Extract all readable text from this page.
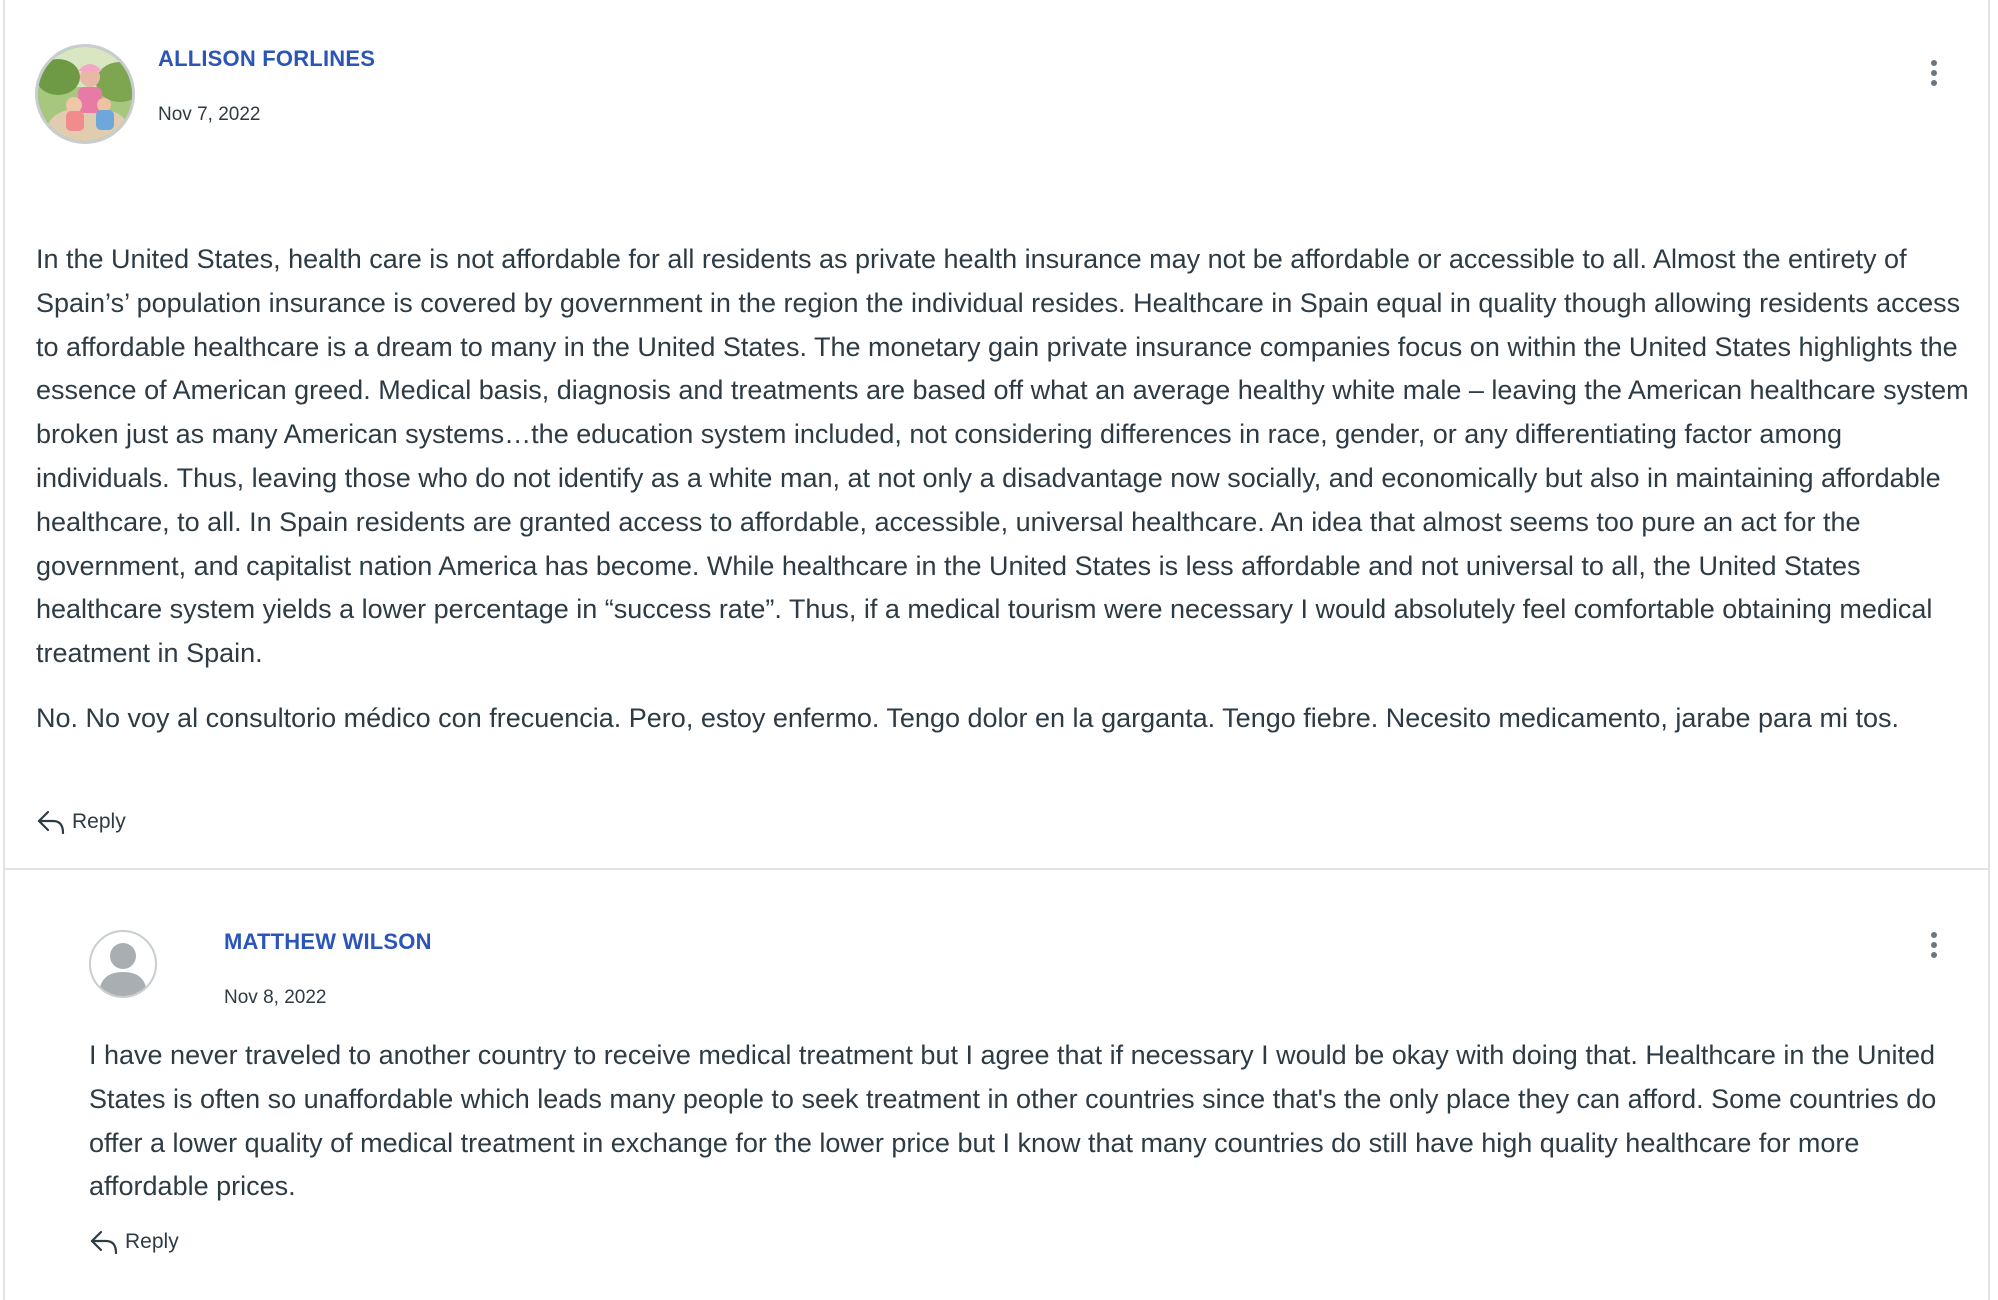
ALLISON FORLINES
Nov 7, 2022

In the United States, health care is not affordable for all residents as private health insurance may not be affordable or accessible to all. Almost the entirety of Spain’s’ population insurance is covered by government in the region the individual resides. Healthcare in Spain equal in quality though allowing residents access to affordable healthcare is a dream to many in the United States. The monetary gain private insurance companies focus on within the United States highlights the essence of American greed. Medical basis, diagnosis and treatments are based off what an average healthy white male – leaving the American healthcare system broken just as many American systems…the education system included, not considering differences in race, gender, or any differentiating factor among individuals. Thus, leaving those who do not identify as a white man, at not only a disadvantage now socially, and economically but also in maintaining affordable healthcare, to all. In Spain residents are granted access to affordable, accessible, universal healthcare. An idea that almost seems too pure an act for the government, and capitalist nation America has become. While healthcare in the United States is less affordable and not universal to all, the United States healthcare system yields a lower percentage in “success rate”. Thus, if a medical tourism were necessary I would absolutely feel comfortable obtaining medical treatment in Spain.

No. No voy al consultorio médico con frecuencia. Pero, estoy enfermo. Tengo dolor en la garganta. Tengo fiebre. Necesito medicamento, jarabe para mi tos.

Reply
MATTHEW WILSON
Nov 8, 2022

I have never traveled to another country to receive medical treatment but I agree that if necessary I would be okay with doing that. Healthcare in the United States is often so unaffordable which leads many people to seek treatment in other countries since that's the only place they can afford. Some countries do offer a lower quality of medical treatment in exchange for the lower price but I know that many countries do still have high quality healthcare for more affordable prices.

Reply
